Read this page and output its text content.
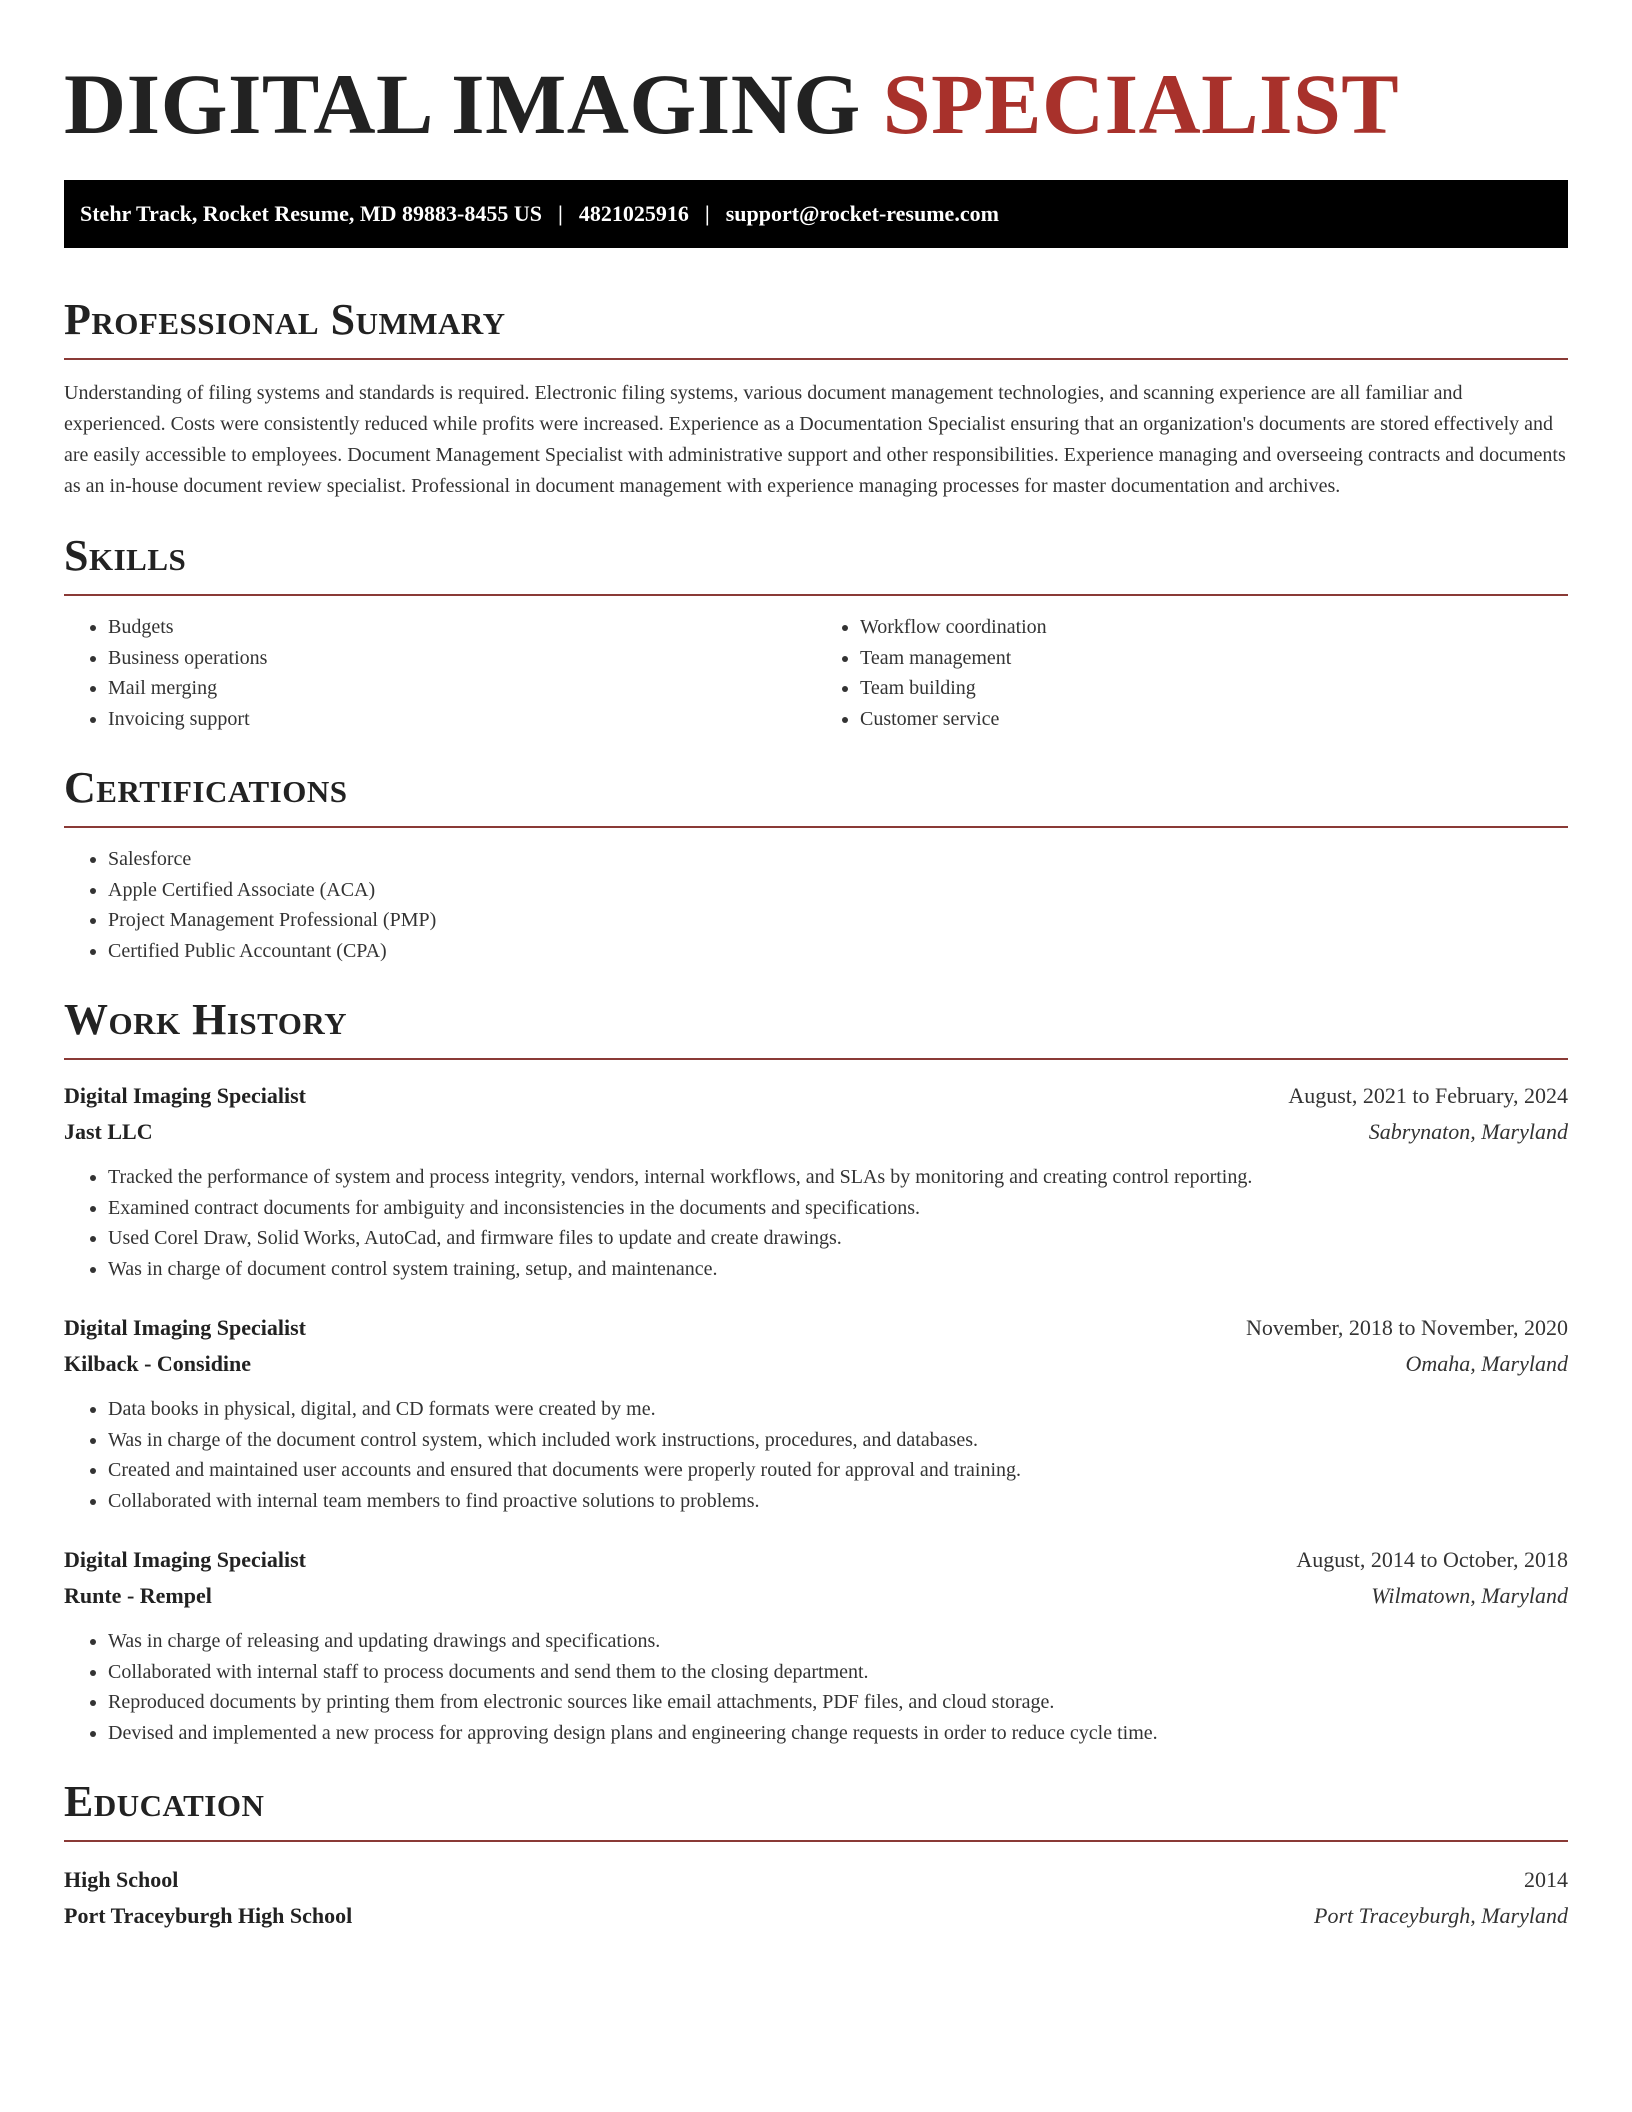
DIGITAL IMAGING SPECIALIST
Stehr Track, Rocket Resume, MD 89883-8455 US | 4821025916 | support@rocket-resume.com
Professional Summary

Understanding of filing systems and standards is required. Electronic filing systems, various document management technologies, and scanning experience are all familiar and experienced. Costs were consistently reduced while profits were increased. Experience as a Documentation Specialist ensuring that an organization's documents are stored effectively and are easily accessible to employees. Document Management Specialist with administrative support and other responsibilities. Experience managing and overseeing contracts and documents as an in-house document review specialist. Professional in document management with experience managing processes for master documentation and archives.

Skills
• Budgets
• Business operations
• Mail merging
• Invoicing support
• Workflow coordination
• Team management
• Team building
• Customer service
Certifications
• Salesforce
• Apple Certified Associate (ACA)
• Project Management Professional (PMP)
• Certified Public Accountant (CPA)
Work History
Digital Imaging Specialist	August, 2021 to February, 2024
Jast LLC	Sabrynaton, Maryland
• Tracked the performance of system and process integrity, vendors, internal workflows, and SLAs by monitoring and creating control reporting.
• Examined contract documents for ambiguity and inconsistencies in the documents and specifications.
• Used Corel Draw, Solid Works, AutoCad, and firmware files to update and create drawings.
• Was in charge of document control system training, setup, and maintenance.
Digital Imaging Specialist	November, 2018 to November, 2020
Kilback - Considine	Omaha, Maryland
• Data books in physical, digital, and CD formats were created by me.
• Was in charge of the document control system, which included work instructions, procedures, and databases.
• Created and maintained user accounts and ensured that documents were properly routed for approval and training.
• Collaborated with internal team members to find proactive solutions to problems.
Digital Imaging Specialist	August, 2014 to October, 2018
Runte - Rempel	Wilmatown, Maryland
• Was in charge of releasing and updating drawings and specifications.
• Collaborated with internal staff to process documents and send them to the closing department.
• Reproduced documents by printing them from electronic sources like email attachments, PDF files, and cloud storage.
• Devised and implemented a new process for approving design plans and engineering change requests in order to reduce cycle time.
Education
High School	2014
Port Traceyburgh High School	Port Traceyburgh, Maryland
